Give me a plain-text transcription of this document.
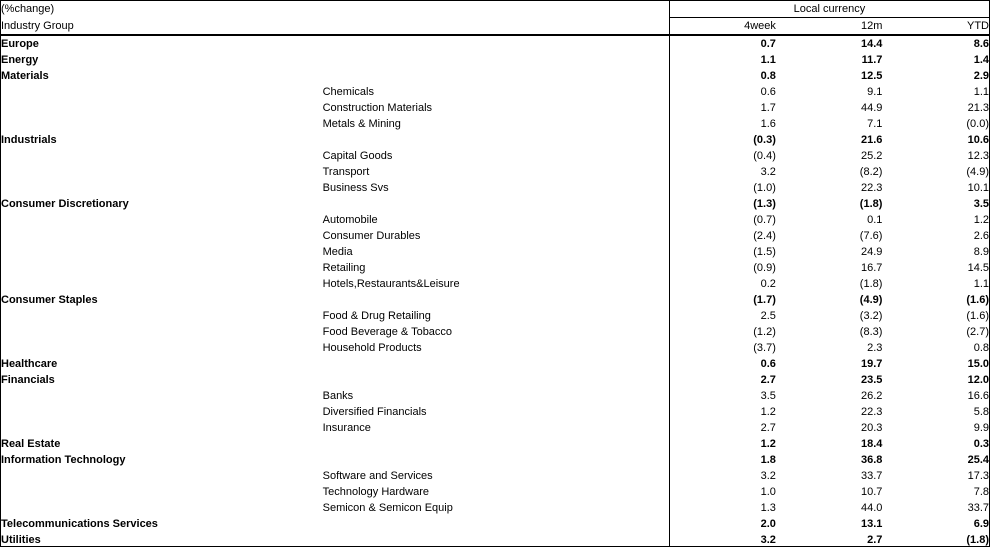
(%change)		Local currency		
Industry Group		4week	12m	YTD
Europe		0.7	14.4	8.6
Energy		1.1	11.7	1.4
Materials		0.8	12.5	2.9
	Chemicals	0.6	9.1	1.1
	Construction Materials	1.7	44.9	21.3
	Metals & Mining	1.6	7.1	(0.0)
Industrials		(0.3)	21.6	10.6
	Capital Goods	(0.4)	25.2	12.3
	Transport	3.2	(8.2)	(4.9)
	Business Svs	(1.0)	22.3	10.1
Consumer Discretionary		(1.3)	(1.8)	3.5
	Automobile	(0.7)	0.1	1.2
	Consumer Durables	(2.4)	(7.6)	2.6
	Media	(1.5)	24.9	8.9
	Retailing	(0.9)	16.7	14.5
	Hotels,Restaurants&Leisure	0.2	(1.8)	1.1
Consumer Staples		(1.7)	(4.9)	(1.6)
	Food & Drug Retailing	2.5	(3.2)	(1.6)
	Food Beverage & Tobacco	(1.2)	(8.3)	(2.7)
	Household Products	(3.7)	2.3	0.8
Healthcare		0.6	19.7	15.0
Financials		2.7	23.5	12.0
	Banks	3.5	26.2	16.6
	Diversified Financials	1.2	22.3	5.8
	Insurance	2.7	20.3	9.9
Real Estate		1.2	18.4	0.3
Information Technology		1.8	36.8	25.4
	Software and Services	3.2	33.7	17.3
	Technology Hardware	1.0	10.7	7.8
	Semicon & Semicon Equip	1.3	44.0	33.7
Telecommunications Services		2.0	13.1	6.9
Utilities		3.2	2.7	(1.8)
